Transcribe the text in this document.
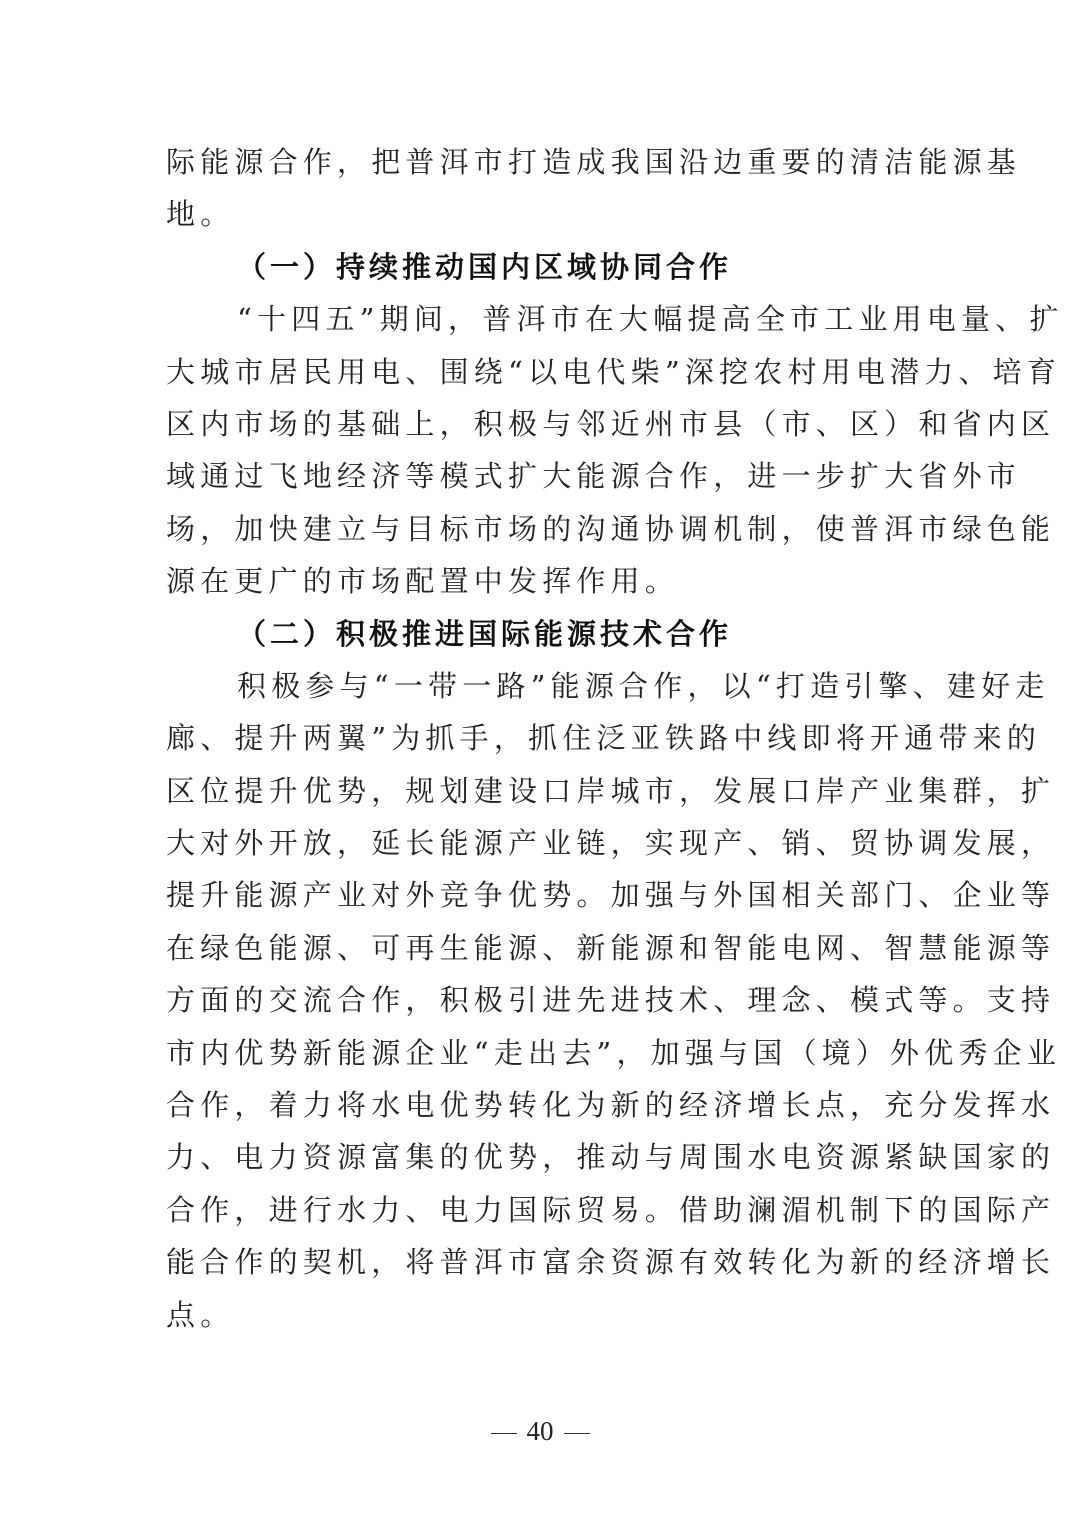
际能源合作，把普洱市打造成我国沿边重要的清洁能源基
地。
（一）持续推动国内区域协同合作
“十四五”期间，普洱市在大幅提高全市工业用电量、扩
大城市居民用电、围绕“以电代柴”深挖农村用电潜力、培育
区内市场的基础上，积极与邻近州市县（市、区）和省内区
域通过飞地经济等模式扩大能源合作，进一步扩大省外市
场，加快建立与目标市场的沟通协调机制，使普洱市绿色能
源在更广的市场配置中发挥作用。
（二）积极推进国际能源技术合作
积极参与“一带一路”能源合作，以“打造引擎、建好走
廊、提升两翼”为抓手，抓住泛亚铁路中线即将开通带来的
区位提升优势，规划建设口岸城市，发展口岸产业集群，扩
大对外开放，延长能源产业链，实现产、销、贸协调发展，
提升能源产业对外竞争优势。加强与外国相关部门、企业等
在绿色能源、可再生能源、新能源和智能电网、智慧能源等
方面的交流合作，积极引进先进技术、理念、模式等。支持
市内优势新能源企业“走出去”，加强与国（境）外优秀企业
合作，着力将水电优势转化为新的经济增长点，充分发挥水
力、电力资源富集的优势，推动与周围水电资源紧缺国家的
合作，进行水力、电力国际贸易。借助澜湄机制下的国际产
能合作的契机，将普洱市富余资源有效转化为新的经济增长
点。
40
